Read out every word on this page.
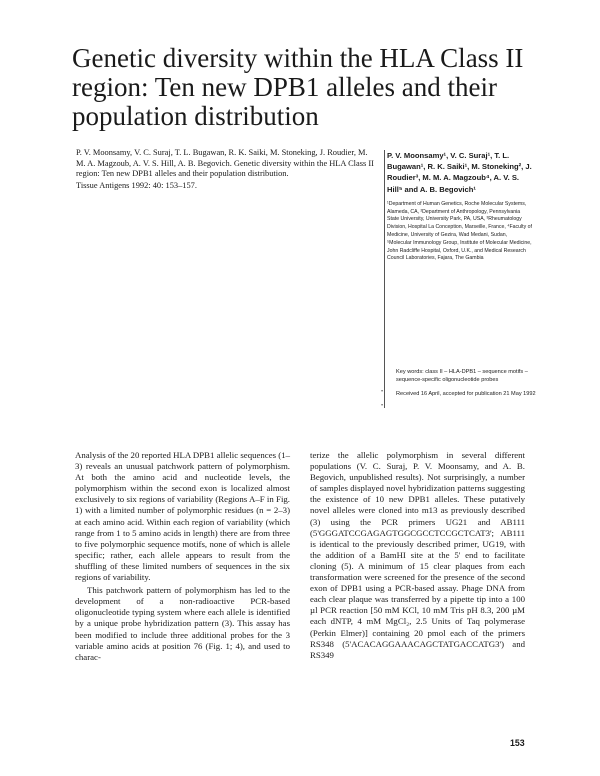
Genetic diversity within the HLA Class II
region: Ten new DPB1 alleles and their
population distribution
P. V. Moonsamy, V. C. Suraj, T. L. Bugawan, R. K. Saiki, M. Stoneking, J. Roudier, M. M. A. Magzoub, A. V. S. Hill, A. B. Begovich. Genetic diversity within the HLA Class II region: Ten new DPB1 alleles and their population distribution.
Tissue Antigens 1992: 40: 153–157.
•
•
P. V. Moonsamy¹, V. C. Suraj¹, T. L. Bugawan¹, R. K. Saiki¹, M. Stoneking², J. Roudier³, M. M. A. Magzoub⁴, A. V. S. Hill⁵ and A. B. Begovich¹
¹Department of Human Genetics, Roche Molecular Systems, Alameda, CA, ²Department of Anthropology, Pennsylvania State University, University Park, PA, USA, ³Rheumatology Division, Hospital La Conception, Marseille, France, ⁴Faculty of Medicine, University of Gezira, Wad Medani, Sudan, ⁵Molecular Immunology Group, Institute of Molecular Medicine, John Radcliffe Hospital, Oxford, U.K., and Medical Research Council Laboratories, Fajara, The Gambia
Key words: class II – HLA-DPB1 – sequence motifs – sequence-specific oligonucleotide probes
Received 16 April, accepted for publication 21 May 1992

Analysis of the 20 reported HLA DPB1 allelic sequences (1–3) reveals an unusual patchwork pattern of polymorphism. At both the amino acid and nucleotide levels, the polymorphism within the second exon is localized almost exclusively to six regions of variability (Regions A–F in Fig. 1) with a limited number of polymorphic residues (n = 2–3) at each amino acid. Within each region of variability (which range from 1 to 5 amino acids in length) there are from three to five polymorphic sequence motifs, none of which is allele specific; rather, each allele appears to result from the shuffling of these limited numbers of sequences in the six regions of variability.

This patchwork pattern of polymorphism has led to the development of a non-radioactive PCR-based oligonucleotide typing system where each allele is identified by a unique probe hybridization pattern (3). This assay has been modified to include three additional probes for the 3 variable amino acids at position 76 (Fig. 1; 4), and used to charac-

terize the allelic polymorphism in several different populations (V. C. Suraj, P. V. Moonsamy, and A. B. Begovich, unpublished results). Not surprisingly, a number of samples displayed novel hybridization patterns suggesting the existence of 10 new DPB1 alleles. These putatively novel alleles were cloned into m13 as previously described (3) using the PCR primers UG21 and AB111 (5'GGGATCCGAGAGTGGCGCCTCCGCTCAT3'; AB111 is identical to the previously described primer, UG19, with the addition of a BamHI site at the 5' end to facilitate cloning (5). A minimum of 15 clear plaques from each transformation were screened for the presence of the second exon of DPB1 using a PCR-based assay. Phage DNA from each clear plaque was transferred by a pipette tip into a 100 µl PCR reaction [50 mM KCl, 10 mM Tris pH 8.3, 200 µM each dNTP, 4 mM MgCl₂, 2.5 Units of Taq polymerase (Perkin Elmer)] containing 20 pmol each of the primers RS348 (5'ACACAGGAAACAGCTATGACCATG3') and RS349

153
